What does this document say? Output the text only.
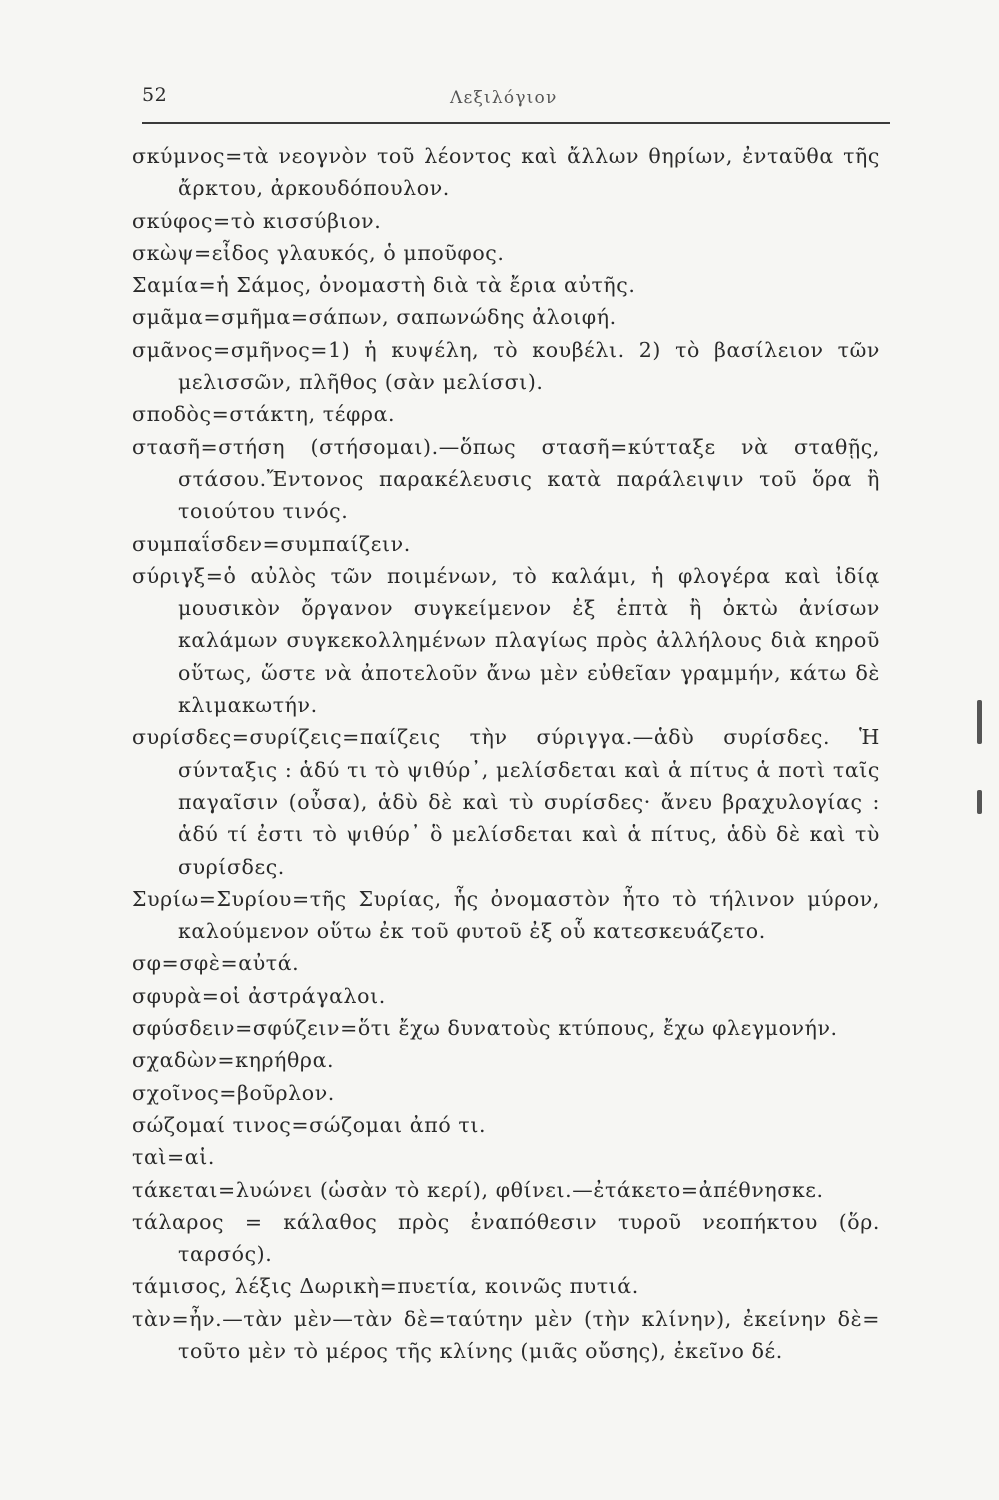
52	Λεξιλόγιον
σκύμνος=τὰ νεογνὸν τοῦ λέοντος καὶ ἄλλων θηρίων, ἐνταῦθα τῆς ἄρκτου, ἀρκουδόπουλον.
σκύφος=τὸ κισσύβιον.
σκὼψ=εἶδος γλαυκός, ὁ μποῦφος.
Σαμία=ἡ Σάμος, ὀνομαστὴ διὰ τὰ ἔρια αὐτῆς.
σμᾶμα=σμῆμα=σάπων, σαπωνώδης ἀλοιφή.
σμᾶνος=σμῆνος=1) ἡ κυψέλη, τὸ κουβέλι. 2) τὸ βασίλειον τῶν μελισσῶν, πλῆθος (σὰν μελίσσι).
σποδὸς=στάκτη, τέφρα.
στασῆ=στήση (στήσομαι).—ὅπως στασῆ=κύτταξε νὰ σταθῇς, στάσου.Ἔντονος παρακέλευσις κατὰ παράλειψιν τοῦ ὅρα ἢ τοιούτου τινός.
συμπαΐσδεν=συμπαίζειν.
σύριγξ=ὁ αὐλὸς τῶν ποιμένων, τὸ καλάμι, ἡ φλογέρα καὶ ἰδίᾳ μουσικὸν ὄργανον συγκείμενον ἐξ ἑπτὰ ἢ ὀκτὼ ἀνίσων καλάμων συγκεκολλημένων πλαγίως πρὸς ἀλλήλους διὰ κηροῦ οὕτως, ὥστε νὰ ἀποτελοῦν ἄνω μὲν εὐθεῖαν γραμμήν, κάτω δὲ κλιμακωτήν.
συρίσδες=συρίζεις=παίζεις τὴν σύριγγα.—ἁδὺ συρίσδες. Ἡ σύνταξις : ἁδύ τι τὸ ψιθύρ᾽, μελίσδεται καὶ ἁ πίτυς ἁ ποτὶ ταῖς παγαῖσιν (οὖσα), ἁδὺ δὲ καὶ τὺ συρίσδες· ἄνευ βραχυλογίας : ἁδύ τί ἐστι τὸ ψιθύρ᾽ ὃ μελίσδεται καὶ ἁ πίτυς, ἁδὺ δὲ καὶ τὺ συρίσδες.
Συρίω=Συρίου=τῆς Συρίας, ἧς ὀνομαστὸν ἦτο τὸ τήλινον μύρον, καλούμενον οὕτω ἐκ τοῦ φυτοῦ ἐξ οὗ κατεσκευάζετο.
σφ=σφὲ=αὐτά.
σφυρὰ=οἱ ἀστράγαλοι.
σφύσδειν=σφύζειν=ὅτι ἔχω δυνατοὺς κτύπους, ἔχω φλεγμονήν.
σχαδὼν=κηρήθρα.
σχοῖνος=βοῦρλον.
σώζομαί τινος=σώζομαι ἀπό τι.
ταὶ=αἱ.
τάκεται=λυώνει (ὡσὰν τὸ κερί), φθίνει.—ἐτάκετο=ἀπέθνησκε.
τάλαρος = κάλαθος πρὸς ἐναπόθεσιν τυροῦ νεοπήκτου (ὅρ. ταρσός).
τάμισος, λέξις Δωρικὴ=πυετία, κοινῶς πυτιά.
τὰν=ἦν.—τὰν μὲν—τὰν δὲ=ταύτην μὲν (τὴν κλίνην), ἐκείνην δὲ= τοῦτο μὲν τὸ μέρος τῆς κλίνης (μιᾶς οὔσης), ἐκεῖνο δέ.
